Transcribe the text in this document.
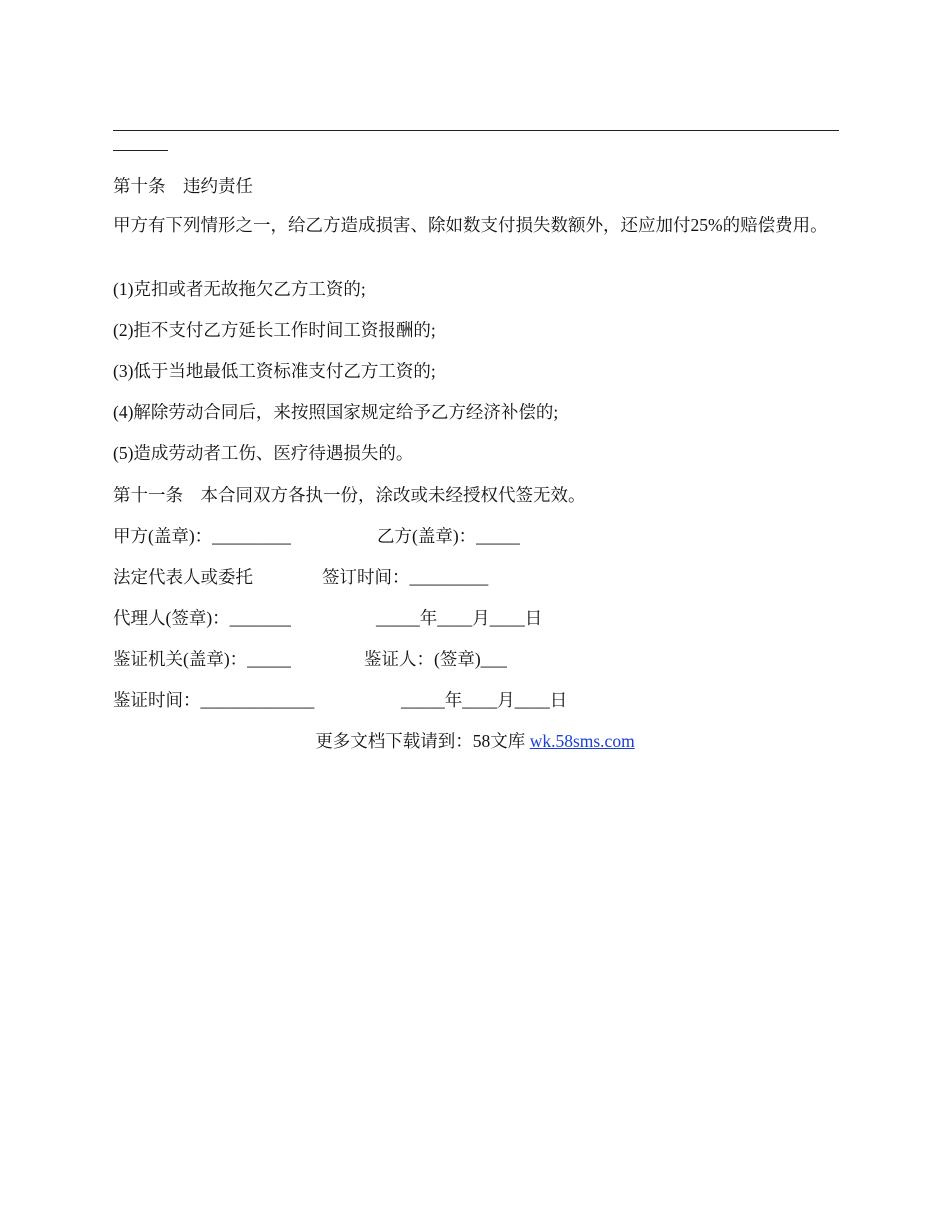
第十条　违约责任
甲方有下列情形之一，给乙方造成损害、除如数支付损失数额外，还应加付25%的赔偿费用。
(1)克扣或者无故拖欠乙方工资的;
(2)拒不支付乙方延长工作时间工资报酬的;
(3)低于当地最低工资标准支付乙方工资的;
(4)解除劳动合同后，来按照国家规定给予乙方经济补偿的;
(5)造成劳动者工伤、医疗待遇损失的。
第十一条　本合同双方各执一份，涂改或未经授权代签无效。
甲方(盖章)：_________	乙方(盖章)：_____
法定代表人或委托	签订时间：_________
代理人(签章)：_______	_____年____月____日
鉴证机关(盖章)：_____	鉴证人：(签章)___
鉴证时间：_____________	_____年____月____日
更多文档下载请到：58文库 wk.58sms.com
